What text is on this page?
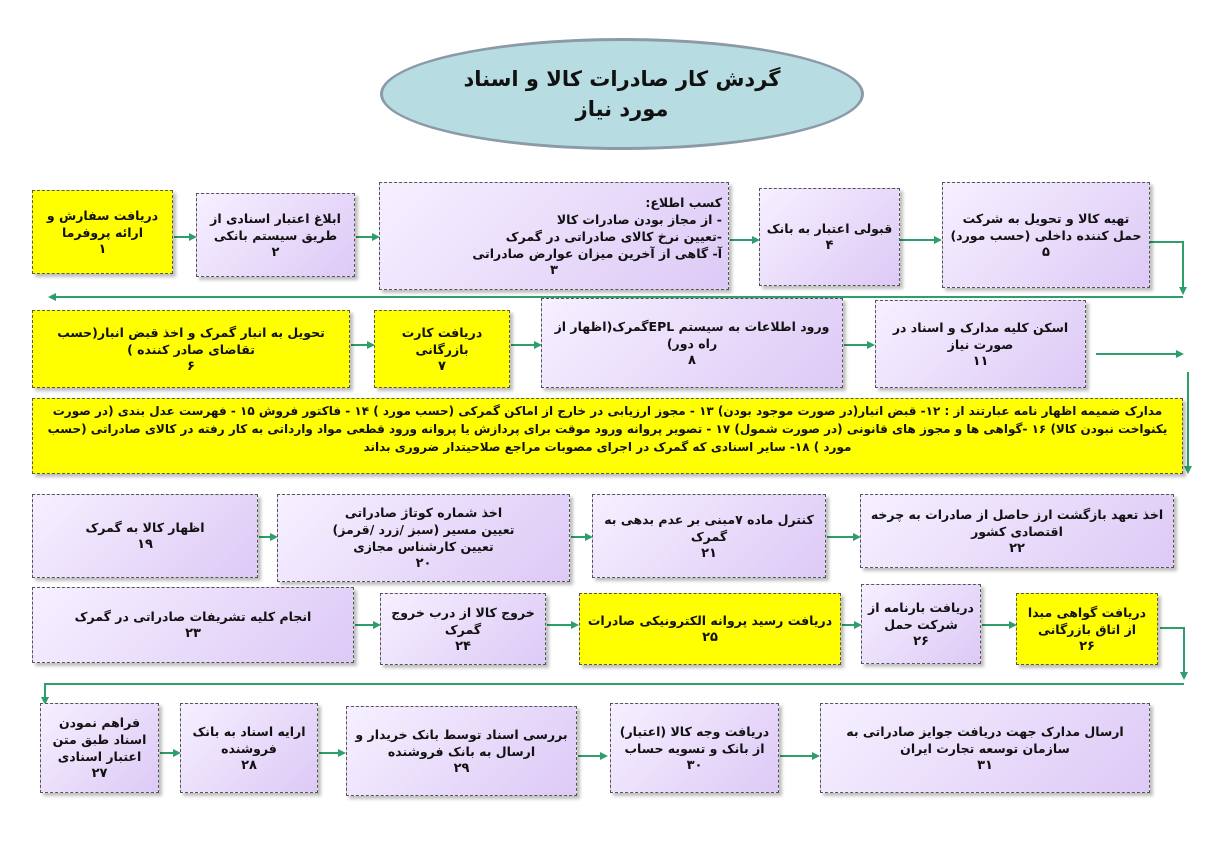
گردش کار صادرات کالا و اسناد
مورد نیاز
دریافت سفارش و ارائه پروفرما
۱
ابلاغ اعتبار اسنادی از طریق سیستم بانکی
۲
کسب اطلاع:
- از مجاز بودن صادرات کالا
-تعیین نرخ کالای صادراتی در گمرک
آ- گاهی از آخرین میزان عوارض صادراتی
۳
قبولی اعتبار به بانک
۴
تهیه کالا و تحویل به شرکت حمل کننده داخلی (حسب مورد)
۵
تحویل به انبار گمرک و اخذ قبض انبار(حسب تقاضای صادر کننده )
۶
دریافت کارت بازرگانی
۷
ورود اطلاعات به سیستم EPLگمرک(اظهار از راه دور)
۸
اسکن کلیه مدارک و اسناد در صورت نیاز
۱۱
مدارک ضمیمه اظهار نامه عبارتند از : ۱۲- قبض انبار(در صورت موجود بودن) ۱۳ - مجوز ارزیابی در خارج از اماکن گمرکی (حسب مورد ) ۱۴ - فاکتور فروش ۱۵ - فهرست عدل بندی (در صورت یکنواخت نبودن کالا) ۱۶ -گواهی ها و مجوز های قانونی (در صورت شمول) ۱۷ - تصویر پروانه ورود موقت برای پردازش یا پروانه ورود قطعی مواد وارداتی به کار رفته در کالای صادراتی (حسب مورد ) ۱۸- سایر اسنادی که گمرک در اجرای مصوبات مراجع صلاحیتدار ضروری بداند
اظهار کالا به گمرک
۱۹
اخذ شماره کوتاژ صادراتی
تعیین مسیر (سبز /زرد /قرمز)
تعیین کارشناس مجازی
۲۰
کنترل ماده ۷مبنی بر عدم بدهی به گمرک
۲۱
اخذ تعهد بازگشت ارز حاصل از صادرات به چرخه اقتصادی کشور
۲۲
انجام کلیه تشریفات صادراتی در گمرک
۲۳
خروج کالا از درب خروج گمرک
۲۴
دریافت رسید پروانه الکترونیکی صادرات
۲۵
دریافت بارنامه از شرکت حمل
۲۶
دریافت گواهی مبدا از اتاق بازرگانی
۲۶
فراهم نمودن اسناد طبق متن اعتبار اسنادی
۲۷
ارایه اسناد به بانک فروشنده
۲۸
بررسی اسناد توسط بانک خریدار و ارسال به بانک فروشنده
۲۹
دریافت وجه کالا (اعتبار) از بانک و تسویه حساب
۳۰
ارسال مدارک جهت دریافت جوایز صادراتی به سازمان توسعه تجارت ایران
۳۱
